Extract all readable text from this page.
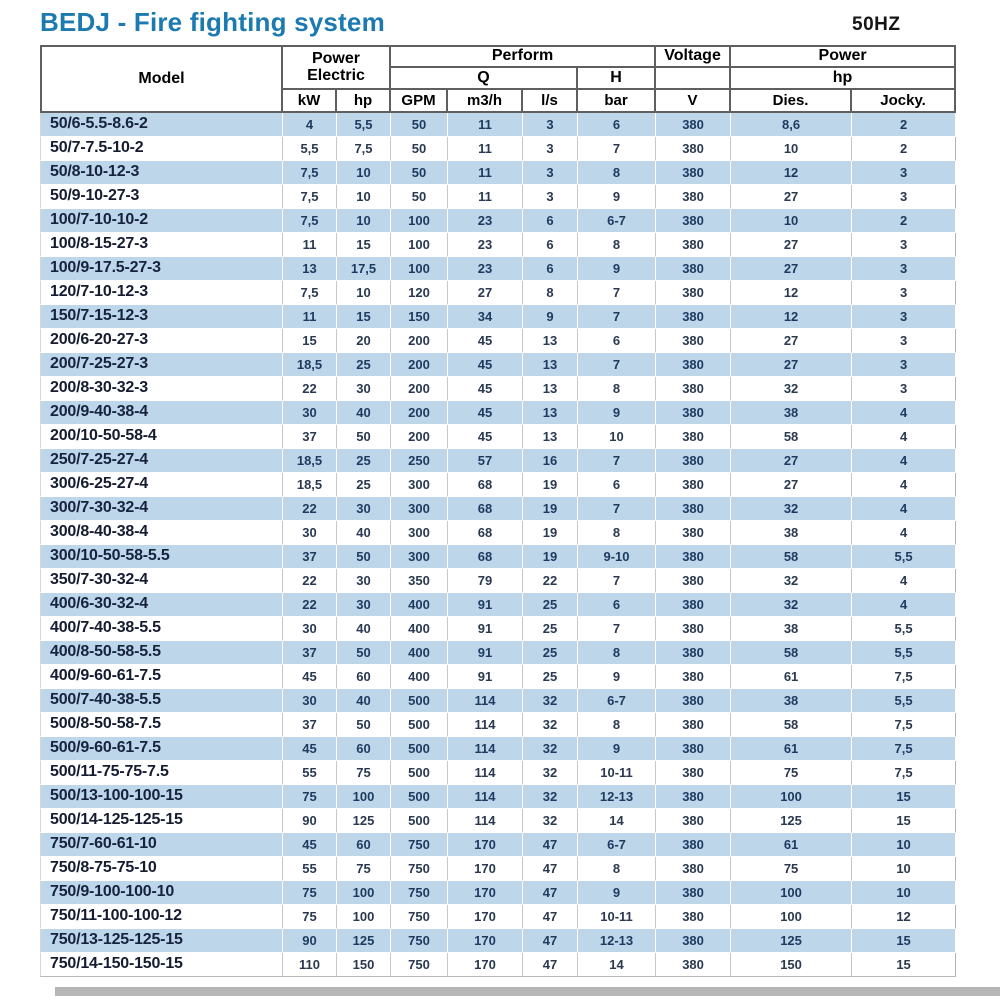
BEDJ - Fire fighting system	50HZ
Model	Power
Electric		Perform				Voltage	Power	
			Q			H		hp	
	kW	hp	GPM	m3/h	l/s	bar	V	Dies.	Jocky.
50/6-5.5-8.6-2	4	5,5	50	11	3	6	380	8,6	2
50/7-7.5-10-2	5,5	7,5	50	11	3	7	380	10	2
50/8-10-12-3	7,5	10	50	11	3	8	380	12	3
50/9-10-27-3	7,5	10	50	11	3	9	380	27	3
100/7-10-10-2	7,5	10	100	23	6	6-7	380	10	2
100/8-15-27-3	11	15	100	23	6	8	380	27	3
100/9-17.5-27-3	13	17,5	100	23	6	9	380	27	3
120/7-10-12-3	7,5	10	120	27	8	7	380	12	3
150/7-15-12-3	11	15	150	34	9	7	380	12	3
200/6-20-27-3	15	20	200	45	13	6	380	27	3
200/7-25-27-3	18,5	25	200	45	13	7	380	27	3
200/8-30-32-3	22	30	200	45	13	8	380	32	3
200/9-40-38-4	30	40	200	45	13	9	380	38	4
200/10-50-58-4	37	50	200	45	13	10	380	58	4
250/7-25-27-4	18,5	25	250	57	16	7	380	27	4
300/6-25-27-4	18,5	25	300	68	19	6	380	27	4
300/7-30-32-4	22	30	300	68	19	7	380	32	4
300/8-40-38-4	30	40	300	68	19	8	380	38	4
300/10-50-58-5.5	37	50	300	68	19	9-10	380	58	5,5
350/7-30-32-4	22	30	350	79	22	7	380	32	4
400/6-30-32-4	22	30	400	91	25	6	380	32	4
400/7-40-38-5.5	30	40	400	91	25	7	380	38	5,5
400/8-50-58-5.5	37	50	400	91	25	8	380	58	5,5
400/9-60-61-7.5	45	60	400	91	25	9	380	61	7,5
500/7-40-38-5.5	30	40	500	114	32	6-7	380	38	5,5
500/8-50-58-7.5	37	50	500	114	32	8	380	58	7,5
500/9-60-61-7.5	45	60	500	114	32	9	380	61	7,5
500/11-75-75-7.5	55	75	500	114	32	10-11	380	75	7,5
500/13-100-100-15	75	100	500	114	32	12-13	380	100	15
500/14-125-125-15	90	125	500	114	32	14	380	125	15
750/7-60-61-10	45	60	750	170	47	6-7	380	61	10
750/8-75-75-10	55	75	750	170	47	8	380	75	10
750/9-100-100-10	75	100	750	170	47	9	380	100	10
750/11-100-100-12	75	100	750	170	47	10-11	380	100	12
750/13-125-125-15	90	125	750	170	47	12-13	380	125	15
750/14-150-150-15	110	150	750	170	47	14	380	150	15
